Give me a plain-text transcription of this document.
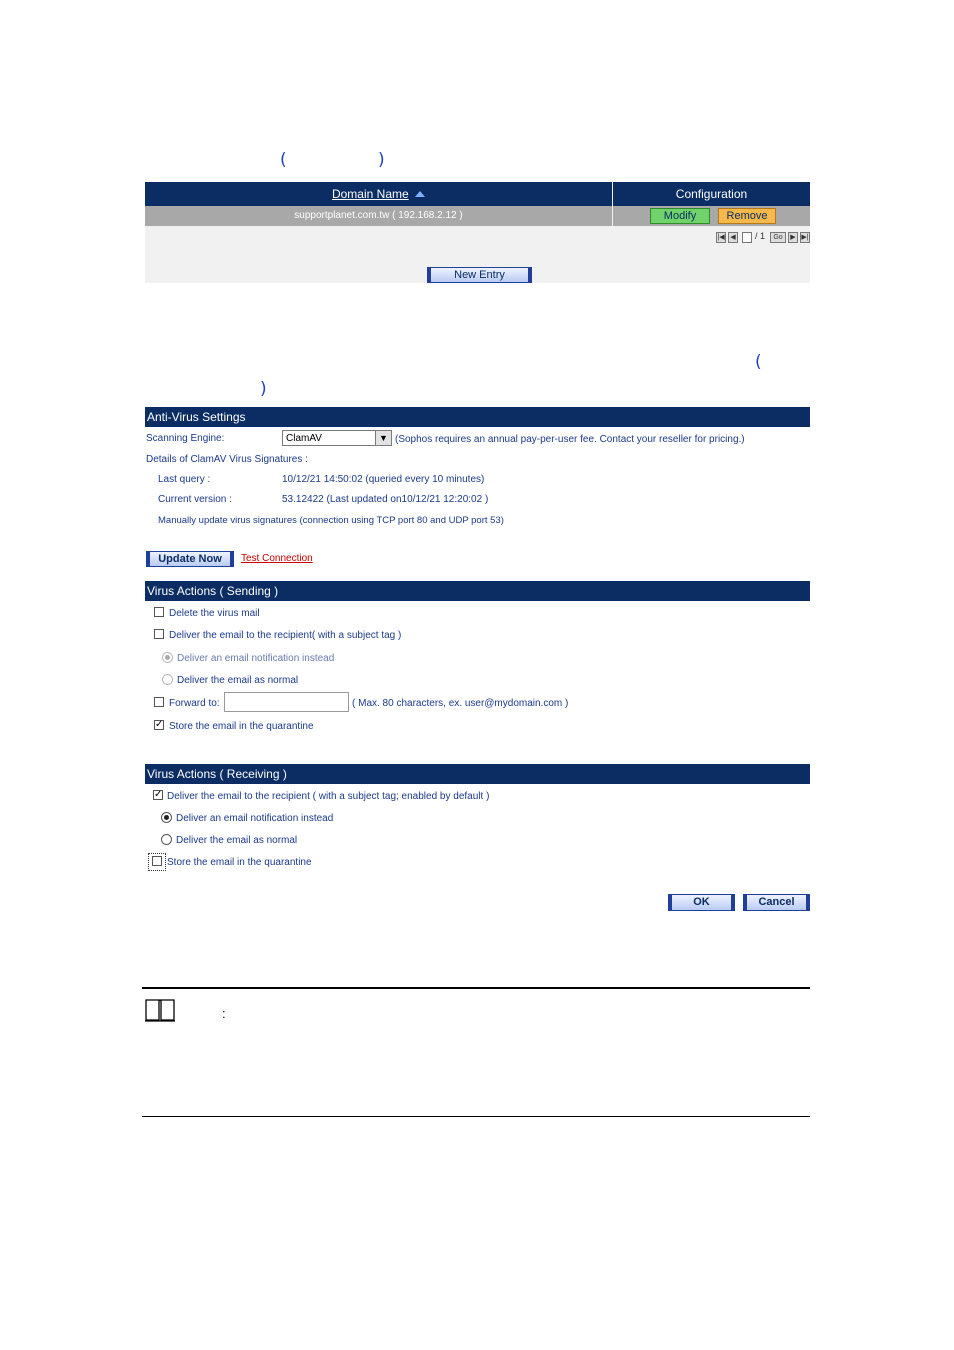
(	)
Domain Name	Configuration
supportplanet.com.tw ( 192.168.2.12 )	Modify	Remove
|◀ ◀ / 1	Go	▶ ▶|
New Entry
(
)
Anti-Virus Settings
Scanning Engine:	ClamAV	▼ (Sophos requires an annual pay-per-user fee. Contact your reseller for pricing.)
Details of ClamAV Virus Signatures :
Last query :	10/12/21 14:50:02 (queried every 10 minutes)
Current version :	53.12422 (Last updated on10/12/21 12:20:02 )
Manually update virus signatures (connection using TCP port 80 and UDP port 53)
Update Now	Test Connection
Virus Actions ( Sending )
Delete the virus mail
Deliver the email to the recipient( with a subject tag )
Deliver an email notification instead
Deliver the email as normal
Forward to:	( Max. 80 characters, ex. user@mydomain.com )
✓ Store the email in the quarantine
Virus Actions ( Receiving )
✓ Deliver the email to the recipient ( with a subject tag; enabled by default )
Deliver an email notification instead
Deliver the email as normal
Store the email in the quarantine
OK	Cancel
:
